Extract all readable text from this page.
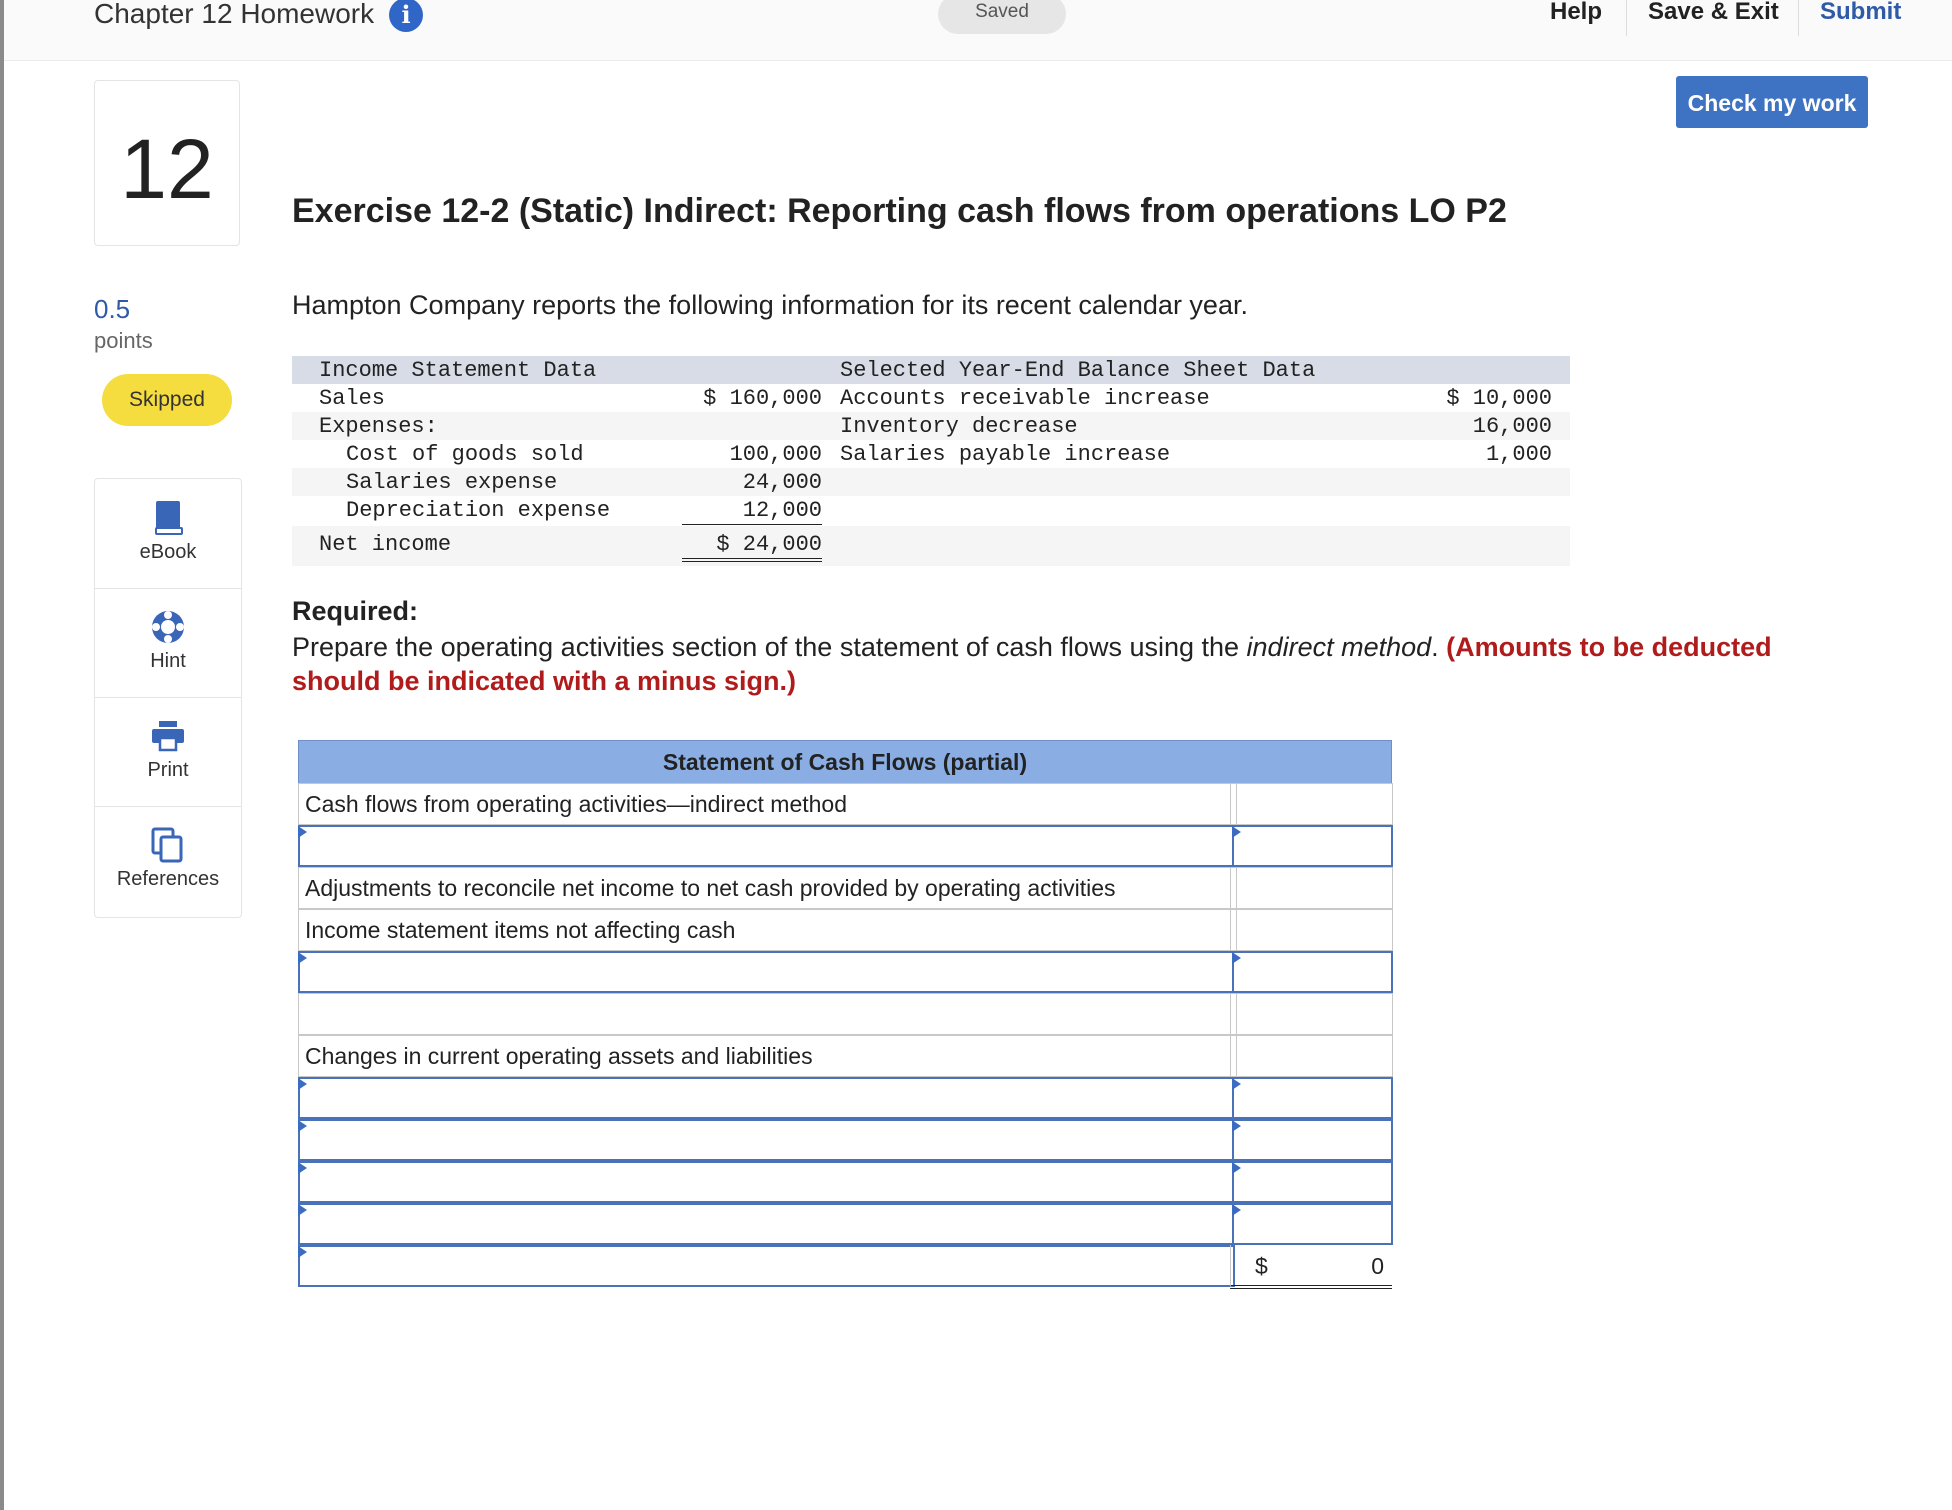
Chapter 12 Homework	i	Saved	Help Save & Exit Submit
Check my work
12
0.5
points
Skipped
eBook
Hint
Print
References
Exercise 12-2 (Static) Indirect: Reporting cash flows from operations LO P2
Hampton Company reports the following information for its recent calendar year.
Income Statement Data	Selected Year-End Balance Sheet Data
Sales	$ 160,000 Accounts receivable increase	$ 10,000
Expenses:	Inventory decrease	16,000
Cost of goods sold	100,000 Salaries payable increase	1,000
Salaries expense	24,000
Depreciation expense	12,000
Net income	$ 24,000
Required:
Prepare the operating activities section of the statement of cash flows using the indirect method. (Amounts to be deducted should be indicated with a minus sign.)
Statement of Cash Flows (partial)
Cash flows from operating activities—indirect method
Adjustments to reconcile net income to net cash provided by operating activities
Income statement items not affecting cash
Changes in current operating assets and liabilities
$	0
